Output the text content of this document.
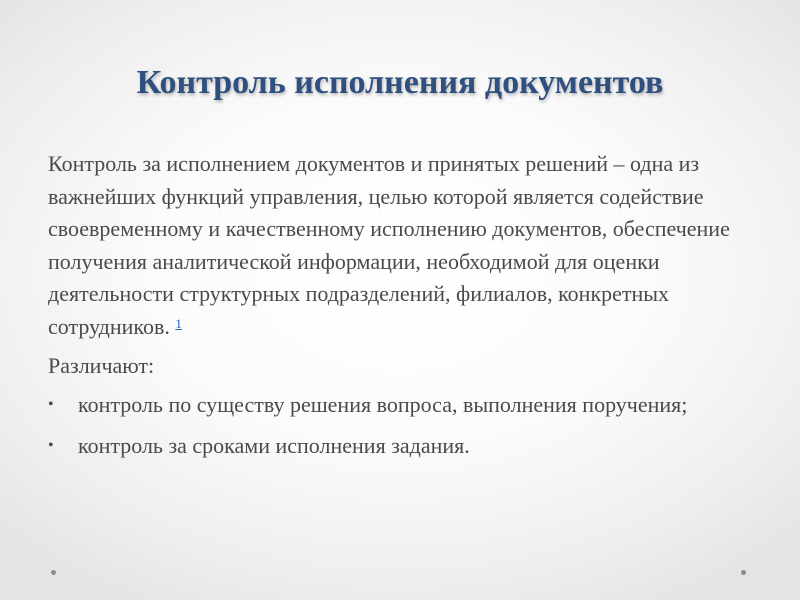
Контроль исполнения документов

Контроль за исполнением документов и принятых решений – одна из важнейших функций управления, целью которой является содействие своевременному и качественному исполнению документов, обеспечение получения аналитической информации, необходимой для оценки деятельности структурных подразделений, филиалов, конкретных сотрудников. $^1$

Различают:

• контроль по существу решения вопроса, выполнения поручения;
• контроль за сроками исполнения задания.
